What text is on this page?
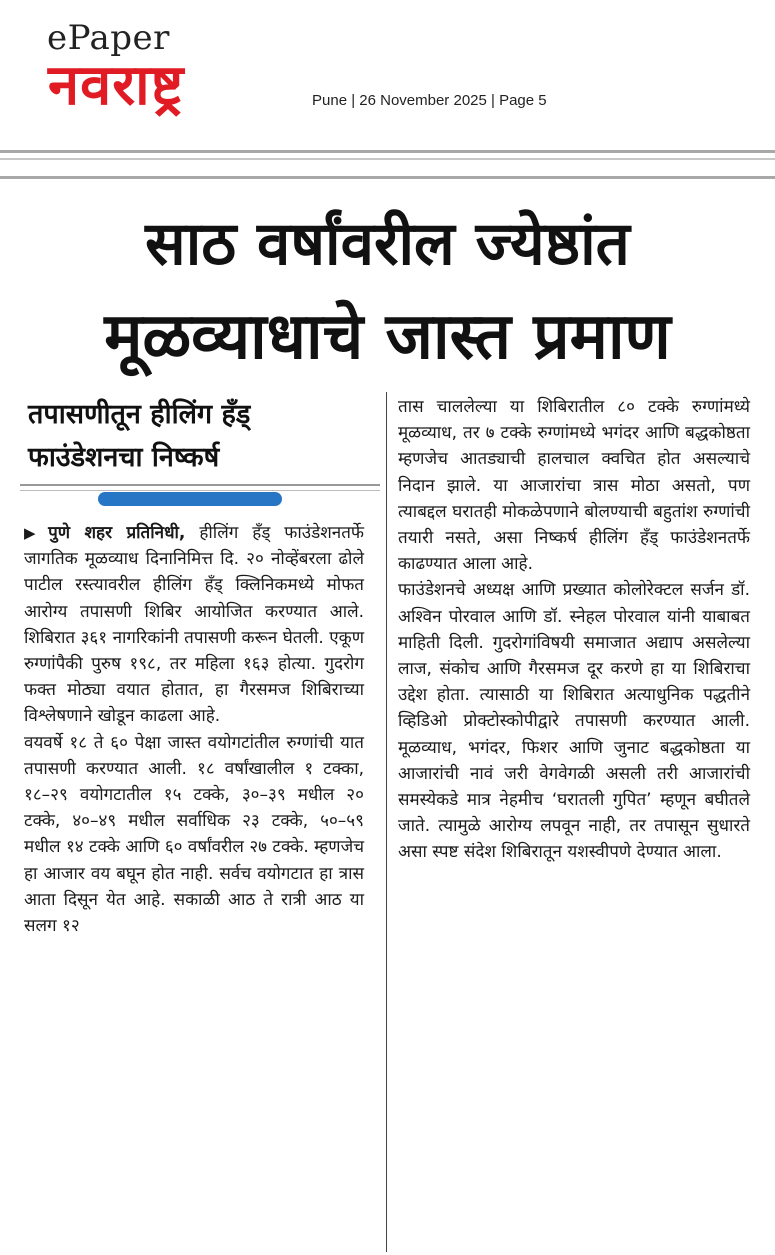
ePaper
नवराष्ट्र	Pune | 26 November 2025 | Page 5
साठ वर्षांवरील ज्येष्ठांत
मूळव्याधाचे जास्त प्रमाण
तपासणीतून हीलिंग हँड्
फाउंडेशनचा निष्कर्ष

▶ पुणे शहर प्रतिनिधी, हीलिंग हँड् फाउंडेशनतर्फे जागतिक मूळव्याध दिनानिमित्त दि. २० नोव्हेंबरला ढोले पाटील रस्त्यावरील हीलिंग हँड् क्लिनिकमध्ये मोफत आरोग्य तपासणी शिबिर आयोजित करण्यात आले. शिबिरात ३६१ नागरिकांनी तपासणी करून घेतली. एकूण रुग्णांपैकी पुरुष १९८, तर महिला १६३ होत्या. गुदरोग फक्त मोठ्या वयात होतात, हा गैरसमज शिबिराच्या विश्लेषणाने खोडून काढला आहे.

वयवर्षे १८ ते ६० पेक्षा जास्त वयोगटांतील रुग्णांची यात तपासणी करण्यात आली. १८ वर्षांखालील १ टक्का, १८–२९ वयोगटातील १५ टक्के, ३०–३९ मधील २० टक्के, ४०–४९ मधील सर्वाधिक २३ टक्के, ५०–५९ मधील १४ टक्के आणि ६० वर्षांवरील २७ टक्के. म्हणजेच हा आजार वय बघून होत नाही. सर्वच वयोगटात हा त्रास आता दिसून येत आहे. सकाळी आठ ते रात्री आठ या सलग १२

तास चाललेल्या या शिबिरातील ८० टक्के रुग्णांमध्ये मूळव्याध, तर ७ टक्के रुग्णांमध्ये भगंदर आणि बद्धकोष्ठता म्हणजेच आतड्याची हालचाल क्वचित होत असल्याचे निदान झाले. या आजारांचा त्रास मोठा असतो, पण त्याबद्दल घरातही मोकळेपणाने बोलण्याची बहुतांश रुग्णांची तयारी नसते, असा निष्कर्ष हीलिंग हँड् फाउंडेशनतर्फे काढण्यात आला आहे.

फाउंडेशनचे अध्यक्ष आणि प्रख्यात कोलोरेक्टल सर्जन डॉ. अश्विन पोरवाल आणि डॉ. स्नेहल पोरवाल यांनी याबाबत माहिती दिली. गुदरोगांविषयी समाजात अद्याप असलेल्या लाज, संकोच आणि गैरसमज दूर करणे हा या शिबिराचा उद्देश होता. त्यासाठी या शिबिरात अत्याधुनिक पद्धतीने व्हिडिओ प्रोक्टोस्कोपीद्वारे तपासणी करण्यात आली. मूळव्याध, भगंदर, फिशर आणि जुनाट बद्धकोष्ठता या आजारांची नावं जरी वेगवेगळी असली तरी आजारांची समस्येकडे मात्र नेहमीच ‘घरातली गुपित’ म्हणून बघीतले जाते. त्यामुळे आरोग्य लपवून नाही, तर तपासून सुधारते असा स्पष्ट संदेश शिबिरातून यशस्वीपणे देण्यात आला.
